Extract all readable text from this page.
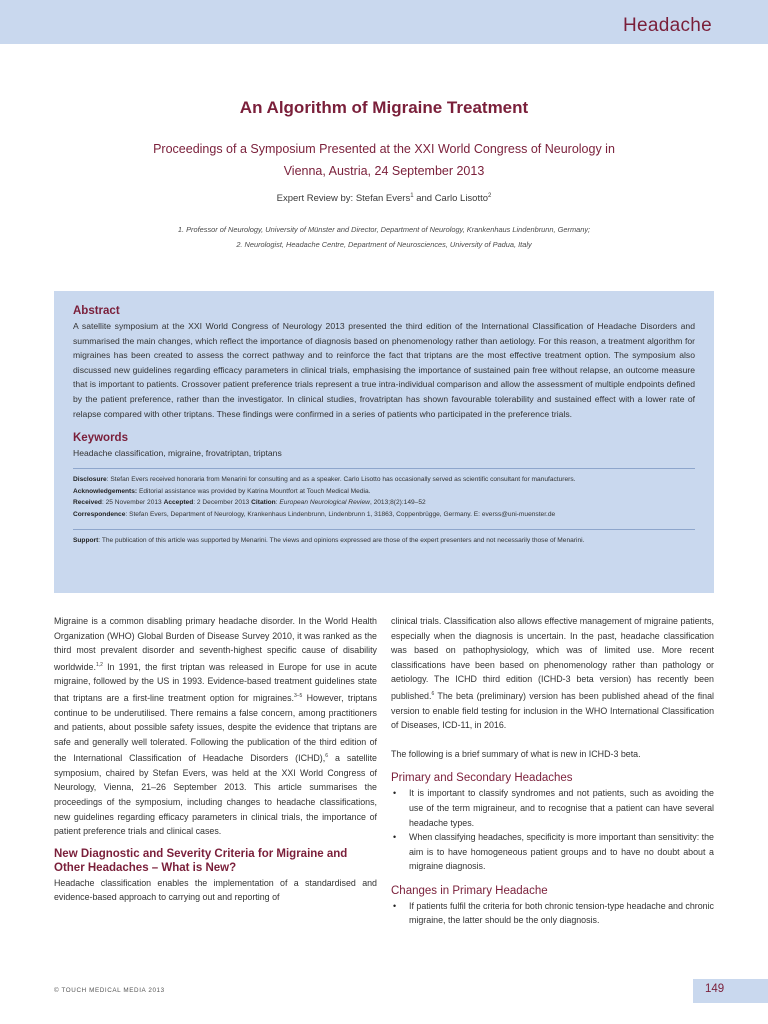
Headache
An Algorithm of Migraine Treatment
Proceedings of a Symposium Presented at the XXI World Congress of Neurology in
Vienna, Austria, 24 September 2013
Expert Review by: Stefan Evers$^1$ and Carlo Lisotto$^2$
1. Professor of Neurology, University of Münster and Director, Department of Neurology, Krankenhaus Lindenbrunn, Germany;
2. Neurologist, Headache Centre, Department of Neurosciences, University of Padua, Italy
Abstract

A satellite symposium at the XXI World Congress of Neurology 2013 presented the third edition of the International Classification of Headache Disorders and summarised the main changes, which reflect the importance of diagnosis based on phenomenology rather than aetiology. For this reason, a treatment algorithm for migraines has been created to assess the correct pathway and to reinforce the fact that triptans are the most effective treatment option. The symposium also discussed new guidelines regarding efficacy parameters in clinical trials, emphasising the importance of sustained pain free without relapse, an outcome measure that is important to patients. Crossover patient preference trials represent a true intra-individual comparison and allow the assessment of multiple endpoints defined by the patient preference, rather than the investigator. In clinical studies, frovatriptan has shown favourable tolerability and sustained effect with a lower rate of relapse compared with other triptans. These findings were confirmed in a series of patients who participated in the preference trials.

Keywords

Headache classification, migraine, frovatriptan, triptans

Disclosure: Stefan Evers received honoraria from Menarini for consulting and as a speaker. Carlo Lisotto has occasionally served as scientific consultant for manufacturers.

Acknowledgements: Editorial assistance was provided by Katrina Mountfort at Touch Medical Media.

Received: 25 November 2013 Accepted: 2 December 2013 Citation: European Neurological Review, 2013;8(2):149–52

Correspondence: Stefan Evers, Department of Neurology, Krankenhaus Lindenbrunn, Lindenbrunn 1, 31863, Coppenbrügge, Germany. E: everss@uni-muenster.de

Support: The publication of this article was supported by Menarini. The views and opinions expressed are those of the expert presenters and not necessarily those of Menarini.

Migraine is a common disabling primary headache disorder. In the World Health Organization (WHO) Global Burden of Disease Survey 2010, it was ranked as the third most prevalent disorder and seventh-highest specific cause of disability worldwide.$^{1,2}$ In 1991, the first triptan was released in Europe for use in acute migraine, followed by the US in 1993. Evidence-based treatment guidelines state that triptans are a first-line treatment option for migraines.$^{3-5}$ However, triptans continue to be underutilised. There remains a false concern, among practitioners and patients, about possible safety issues, despite the evidence that triptans are safe and generally well tolerated. Following the publication of the third edition of the International Classification of Headache Disorders (ICHD),$^6$ a satellite symposium, chaired by Stefan Evers, was held at the XXI World Congress of Neurology, Vienna, 21–26 September 2013. This article summarises the proceedings of the symposium, including changes to headache classifications, new guidelines regarding efficacy parameters in clinical trials, the importance of patient preference trials and clinical cases.

New Diagnostic and Severity Criteria for Migraine and Other Headaches – What is New?

Headache classification enables the implementation of a standardised and evidence-based approach to carrying out and reporting of

clinical trials. Classification also allows effective management of migraine patients, especially when the diagnosis is uncertain. In the past, headache classification was based on pathophysiology, which was of limited use. More recent classifications have been based on phenomenology rather than pathology or aetiology. The ICHD third edition (ICHD-3 beta version) has recently been published.$^6$ The beta (preliminary) version has been published ahead of the final version to enable field testing for inclusion in the WHO International Classification of Diseases, ICD-11, in 2016.

The following is a brief summary of what is new in ICHD-3 beta.

Primary and Secondary Headaches
• It is important to classify syndromes and not patients, such as avoiding the use of the term migraineur, and to recognise that a patient can have several headache types.
• When classifying headaches, specificity is more important than sensitivity: the aim is to have homogeneous patient groups and to have no doubt about a migraine diagnosis.
Changes in Primary Headache
• If patients fulfil the criteria for both chronic tension-type headache and chronic migraine, the latter should be the only diagnosis.
© TOUCH MEDICAL MEDIA 2013	149
